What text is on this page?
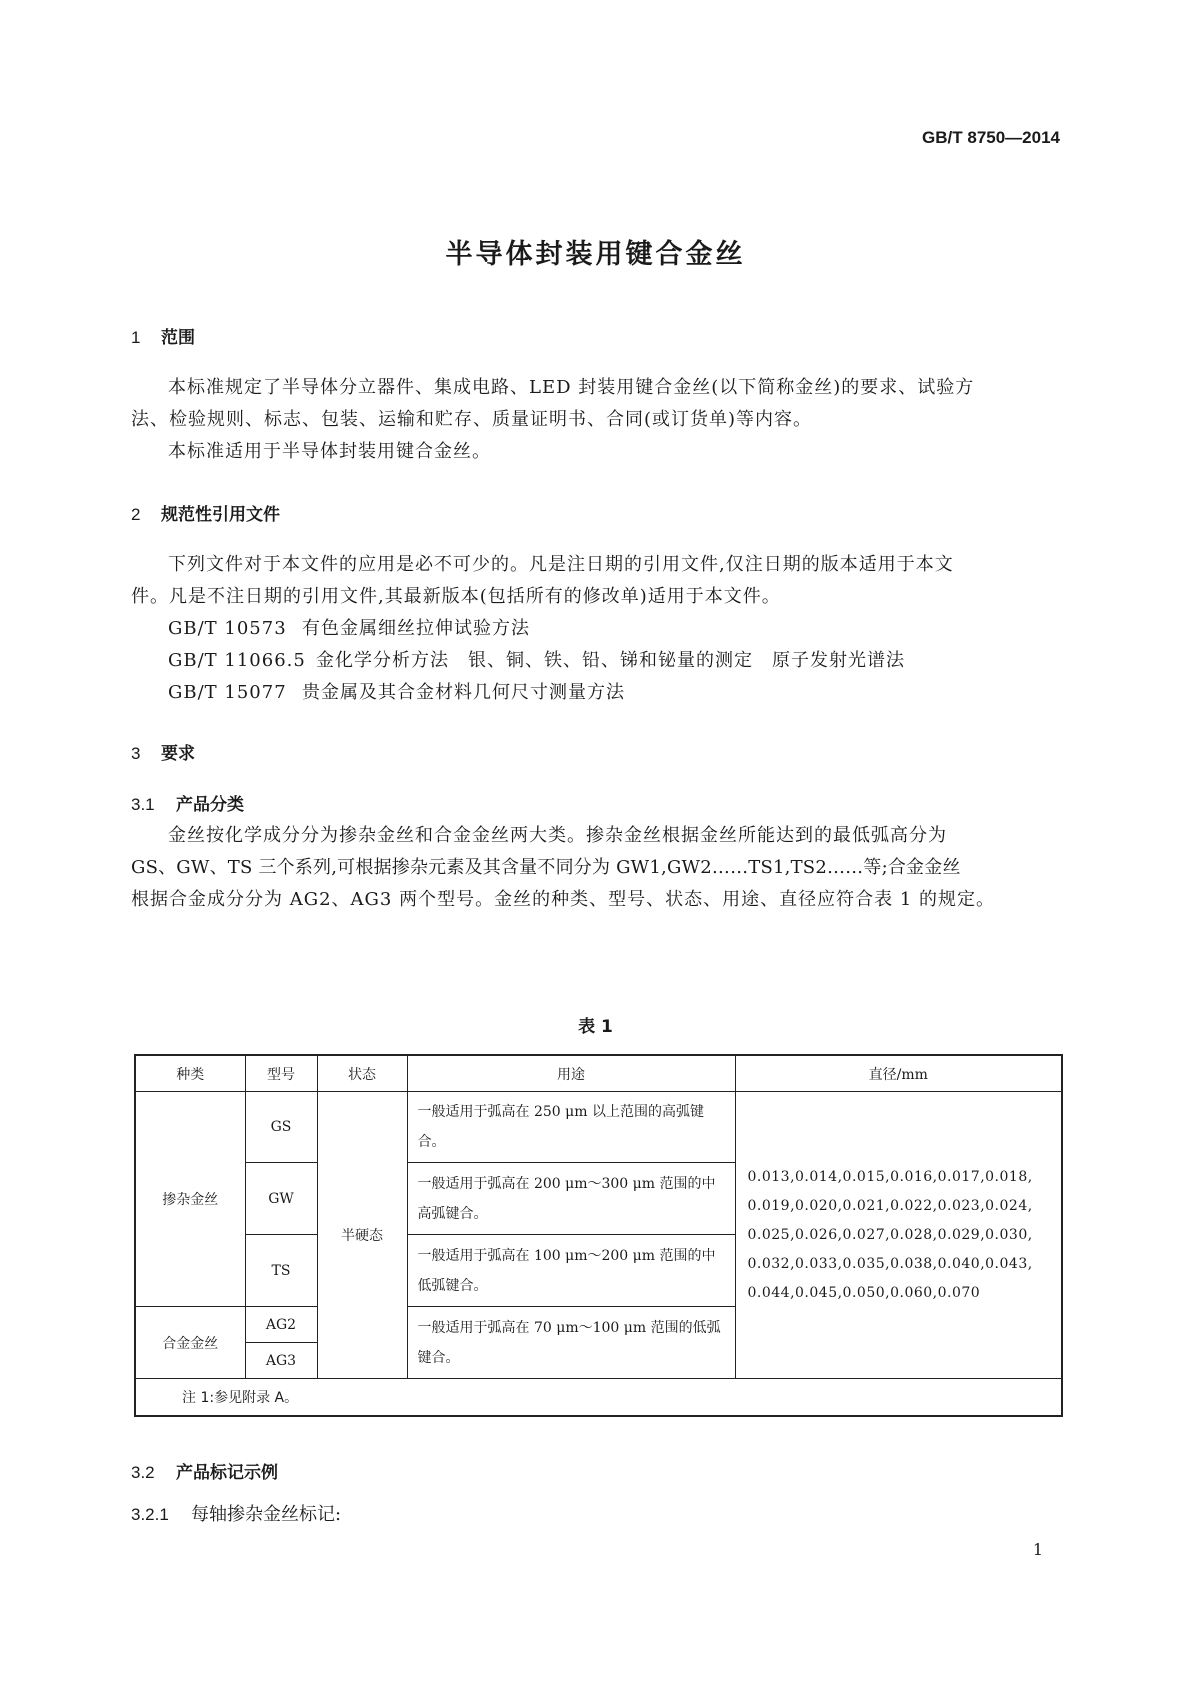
GB/T 8750—2014
半导体封装用键合金丝
1 范围
本标准规定了半导体分立器件、集成电路、LED 封装用键合金丝(以下简称金丝)的要求、试验方
法、检验规则、标志、包装、运输和贮存、质量证明书、合同(或订货单)等内容。
本标准适用于半导体封装用键合金丝。
2 规范性引用文件
下列文件对于本文件的应用是必不可少的。凡是注日期的引用文件,仅注日期的版本适用于本文
件。凡是不注日期的引用文件,其最新版本(包括所有的修改单)适用于本文件。
GB/T 10573 有色金属细丝拉伸试验方法
GB/T 11066.5 金化学分析方法　银、铜、铁、铅、锑和铋量的测定　原子发射光谱法
GB/T 15077 贵金属及其合金材料几何尺寸测量方法
3 要求
3.1 产品分类
金丝按化学成分分为掺杂金丝和合金金丝两大类。掺杂金丝根据金丝所能达到的最低弧高分为
GS、GW、TS 三个系列,可根据掺杂元素及其含量不同分为 GW1,GW2……TS1,TS2……等;合金金丝
根据合金成分分为 AG2、AG3 两个型号。金丝的种类、型号、状态、用途、直径应符合表 1 的规定。
表 1
种类	型号	状态	用途	直径/mm
掺杂金丝	GS	半硬态	一般适用于弧高在 250 μm 以上范围的高弧键合。	0.013,0.014,0.015,0.016,0.017,0.018,
0.019,0.020,0.021,0.022,0.023,0.024,
0.025,0.026,0.027,0.028,0.029,0.030,
0.032,0.033,0.035,0.038,0.040,0.043,
0.044,0.045,0.050,0.060,0.070

	GW		一般适用于弧高在 200 μm～300 μm 范围的中高弧键合。	
	TS		一般适用于弧高在 100 μm～200 μm 范围的中低弧键合。	
合金金丝	AG2		一般适用于弧高在 70 μm～100 μm 范围的低弧键合。	
	AG3			
注 1:参见附录 A。				
3.2 产品标记示例
3.2.1 每轴掺杂金丝标记:
1
